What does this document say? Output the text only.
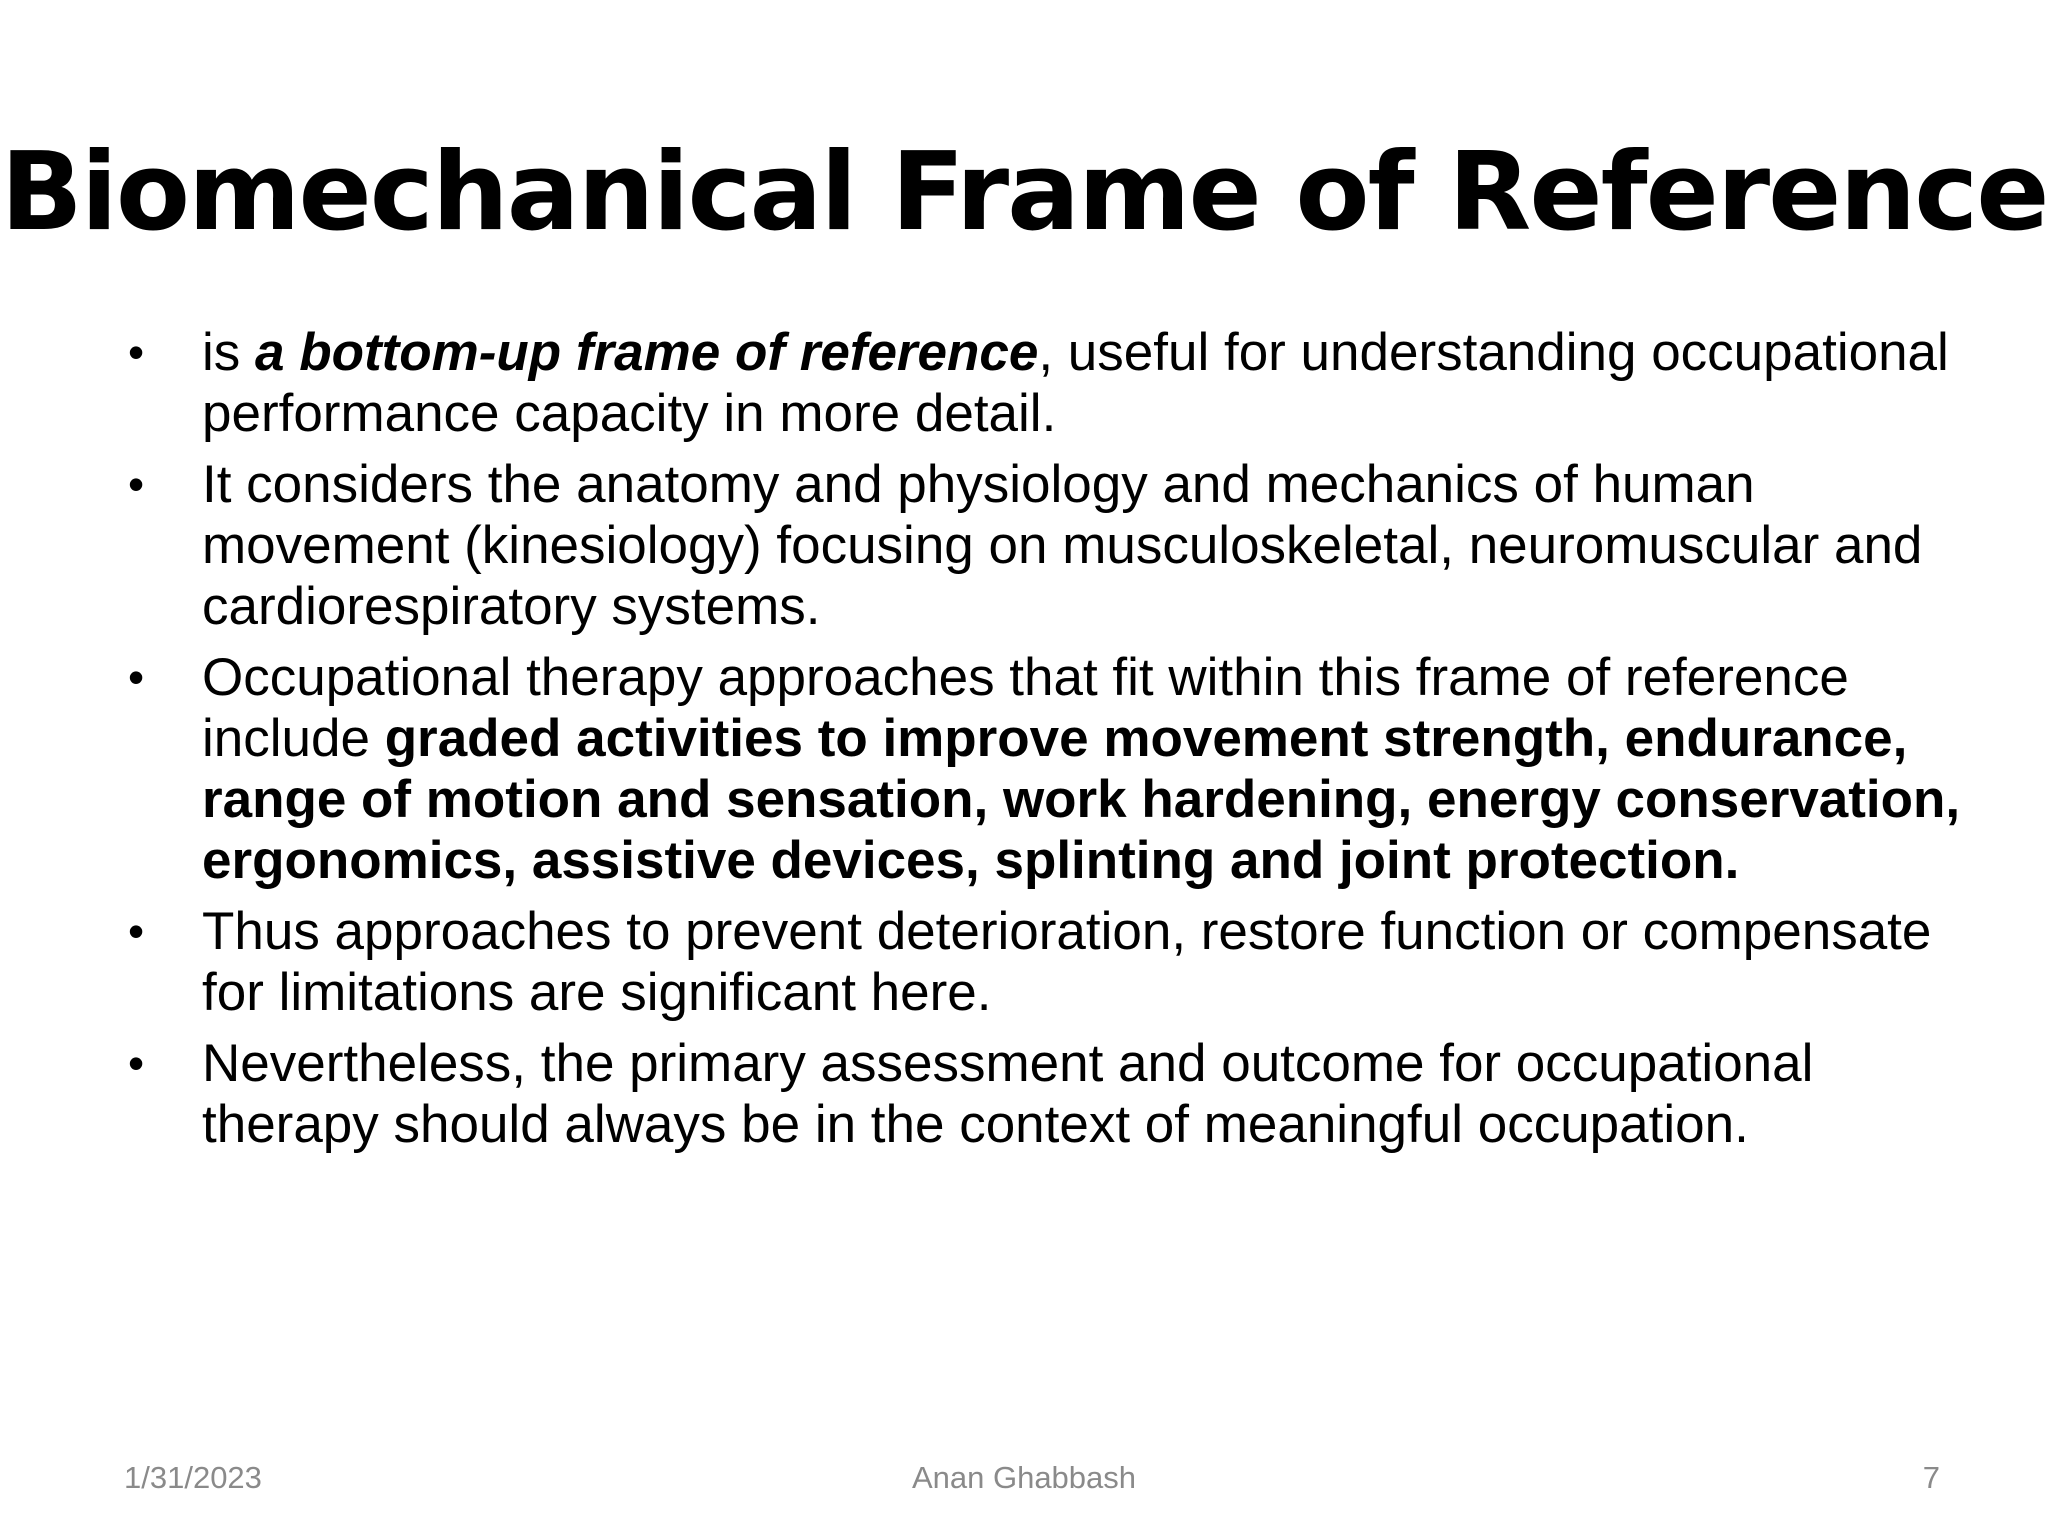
Biomechanical Frame of Reference
• is a bottom-up frame of reference, useful for understanding occupational performance capacity in more detail.
• It considers the anatomy and physiology and mechanics of human movement (kinesiology) focusing on musculoskeletal, neuromuscular and cardiorespiratory systems.
• Occupational therapy approaches that fit within this frame of reference include graded activities to improve movement strength, endurance, range of motion and sensation, work hardening, energy conservation, ergonomics, assistive devices, splinting and joint protection.
• Thus approaches to prevent deterioration, restore function or compensate for limitations are significant here.
• Nevertheless, the primary assessment and outcome for occupational therapy should always be in the context of meaningful occupation.
Anan Ghabbash
1/31/2023	7
